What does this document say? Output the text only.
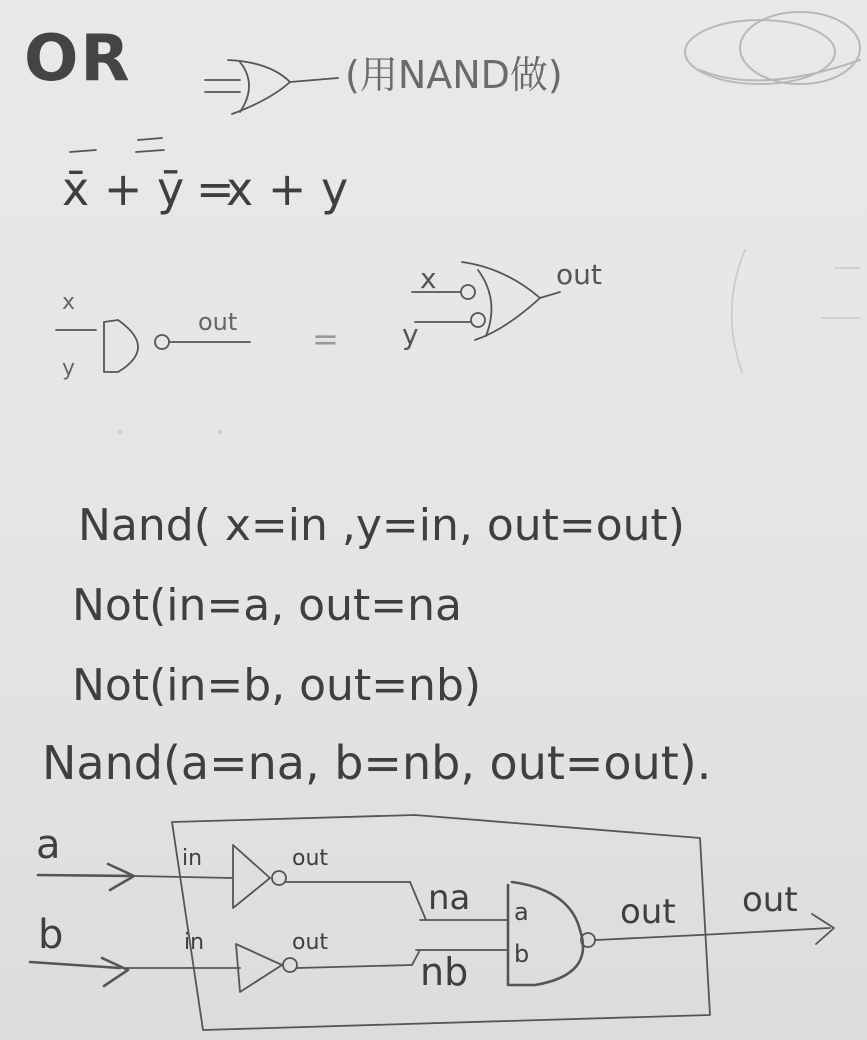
OR	(用NAND做)
x̄ + ȳ =
x + y
x
y
out =
x
y
out
Nand( x=in ,y=in, out=out)
Not(in=a, out=na
Not(in=b, out=nb)
Nand(a=na, b=nb, out=out).
a
b
in	out
in	out
na
nb
a
b
out out
